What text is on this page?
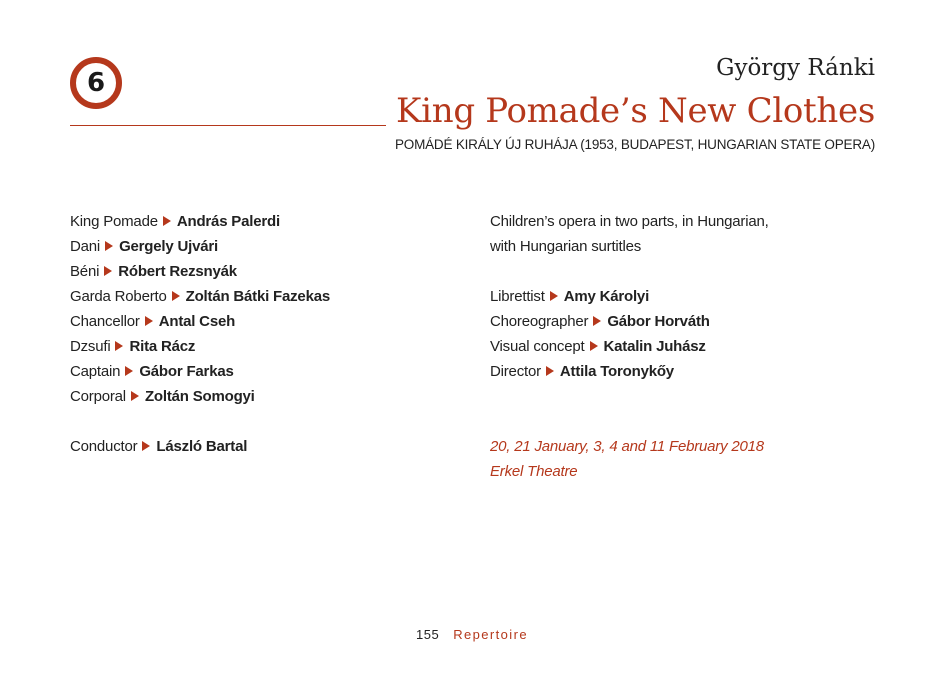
6	György Ránki
King Pomade’s New Clothes
POMÁDÉ KIRÁLY ÚJ RUHÁJA (1953, BUDAPEST, HUNGARIAN STATE OPERA)
King Pomade András Palerdi
Dani Gergely Ujvári
Béni Róbert Rezsnyák
Garda Roberto Zoltán Bátki Fazekas
Chancellor Antal Cseh
Dzsufi Rita Rácz
Captain Gábor Farkas
Corporal Zoltán Somogyi
Conductor László Bartal
Children’s opera in two parts, in Hungarian,
with Hungarian surtitles
Librettist Amy Károlyi
Choreographer Gábor Horváth
Visual concept Katalin Juhász
Director Attila Toronykőy
20, 21 January, 3, 4 and 11 February 2018
Erkel Theatre
155 Repertoire
